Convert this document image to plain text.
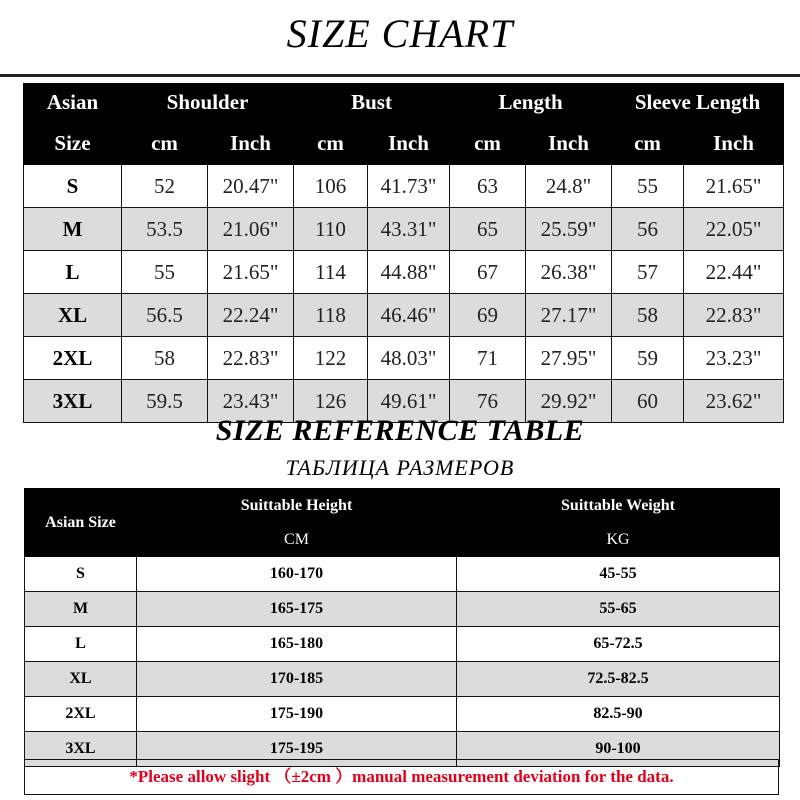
SIZE CHART
Asian	Shoulder		Bust		Length		Sleeve Length	
Size	cm	Inch	cm	Inch	cm	Inch	cm	Inch
S	52	20.47"	106	41.73"	63	24.8"	55	21.65"
M	53.5	21.06"	110	43.31"	65	25.59"	56	22.05"
L	55	21.65"	114	44.88"	67	26.38"	57	22.44"
XL	56.5	22.24"	118	46.46"	69	27.17"	58	22.83"
2XL	58	22.83"	122	48.03"	71	27.95"	59	23.23"
3XL	59.5	23.43"	126	49.61"	76	29.92"	60	23.62"
SIZE REFERENCE TABLE
ТАБЛИЦА РАЗМЕРОВ
Asian Size	Suittable Height	Suittable Weight
	CM	KG
S	160-170	45-55
M	165-175	55-65
L	165-180	65-72.5
XL	170-185	72.5-82.5
2XL	175-190	82.5-90
3XL	175-195	90-100
*Please allow slight （±2cm ）manual measurement deviation for the data.
